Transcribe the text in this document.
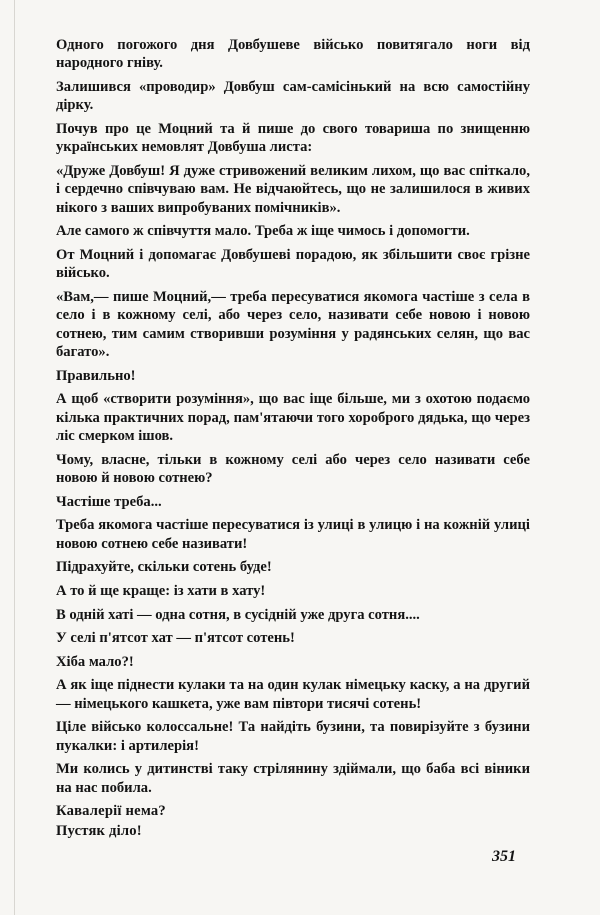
Одного погожого дня Довбушеве військо повитягало ноги від народного гніву.

Залишився «проводир» Довбуш сам-самісінький на всю самостійну дірку.

Почув про це Моцний та й пише до свого товариша по знищенню українських немовлят Довбуша листа:

«Друже Довбуш! Я дуже стривожений великим лихом, що вас спіткало, і сердечно співчуваю вам. Не відчаюйтесь, що не залишилося в живих нікого з ваших випробуваних помічників».

Але самого ж співчуття мало. Треба ж іще чимось і допомогти.

От Моцний і допомагає Довбушеві порадою, як збільшити своє грізне військо.

«Вам,— пише Моцний,— треба пересуватися якомога частіше з села в село і в кожному селі, або через село, називати себе новою і новою сотнею, тим самим створивши розуміння у радянських селян, що вас багато».

Правильно!

А щоб «створити розуміння», що вас іще більше, ми з охотою подаємо кілька практичних порад, пам'ятаючи того хороброго дядька, що через ліс смерком ішов.

Чому, власне, тільки в кожному селі або через село називати себе новою й новою сотнею?

Частіше треба...

Треба якомога частіше пересуватися із улиці в улицю і на кожній улиці новою сотнею себе називати!

Підрахуйте, скільки сотень буде!

А то й ще краще: із хати в хату!

В одній хаті — одна сотня, в сусідній уже друга сотня....

У селі п'ятсот хат — п'ятсот сотень!

Хіба мало?!

А як іще піднести кулаки та на один кулак німецьку каску, а на другий — німецького кашкета, уже вам півтори тисячі сотень!

Ціле військо колосcальне! Та найдіть бузини, та повирізуйте з бузини пукалки: і артилерія!

Ми колись у дитинстві таку стрілянину здіймали, що баба всі віники на нас побила.

Кавалерії нема?

Пустяк діло!

351
